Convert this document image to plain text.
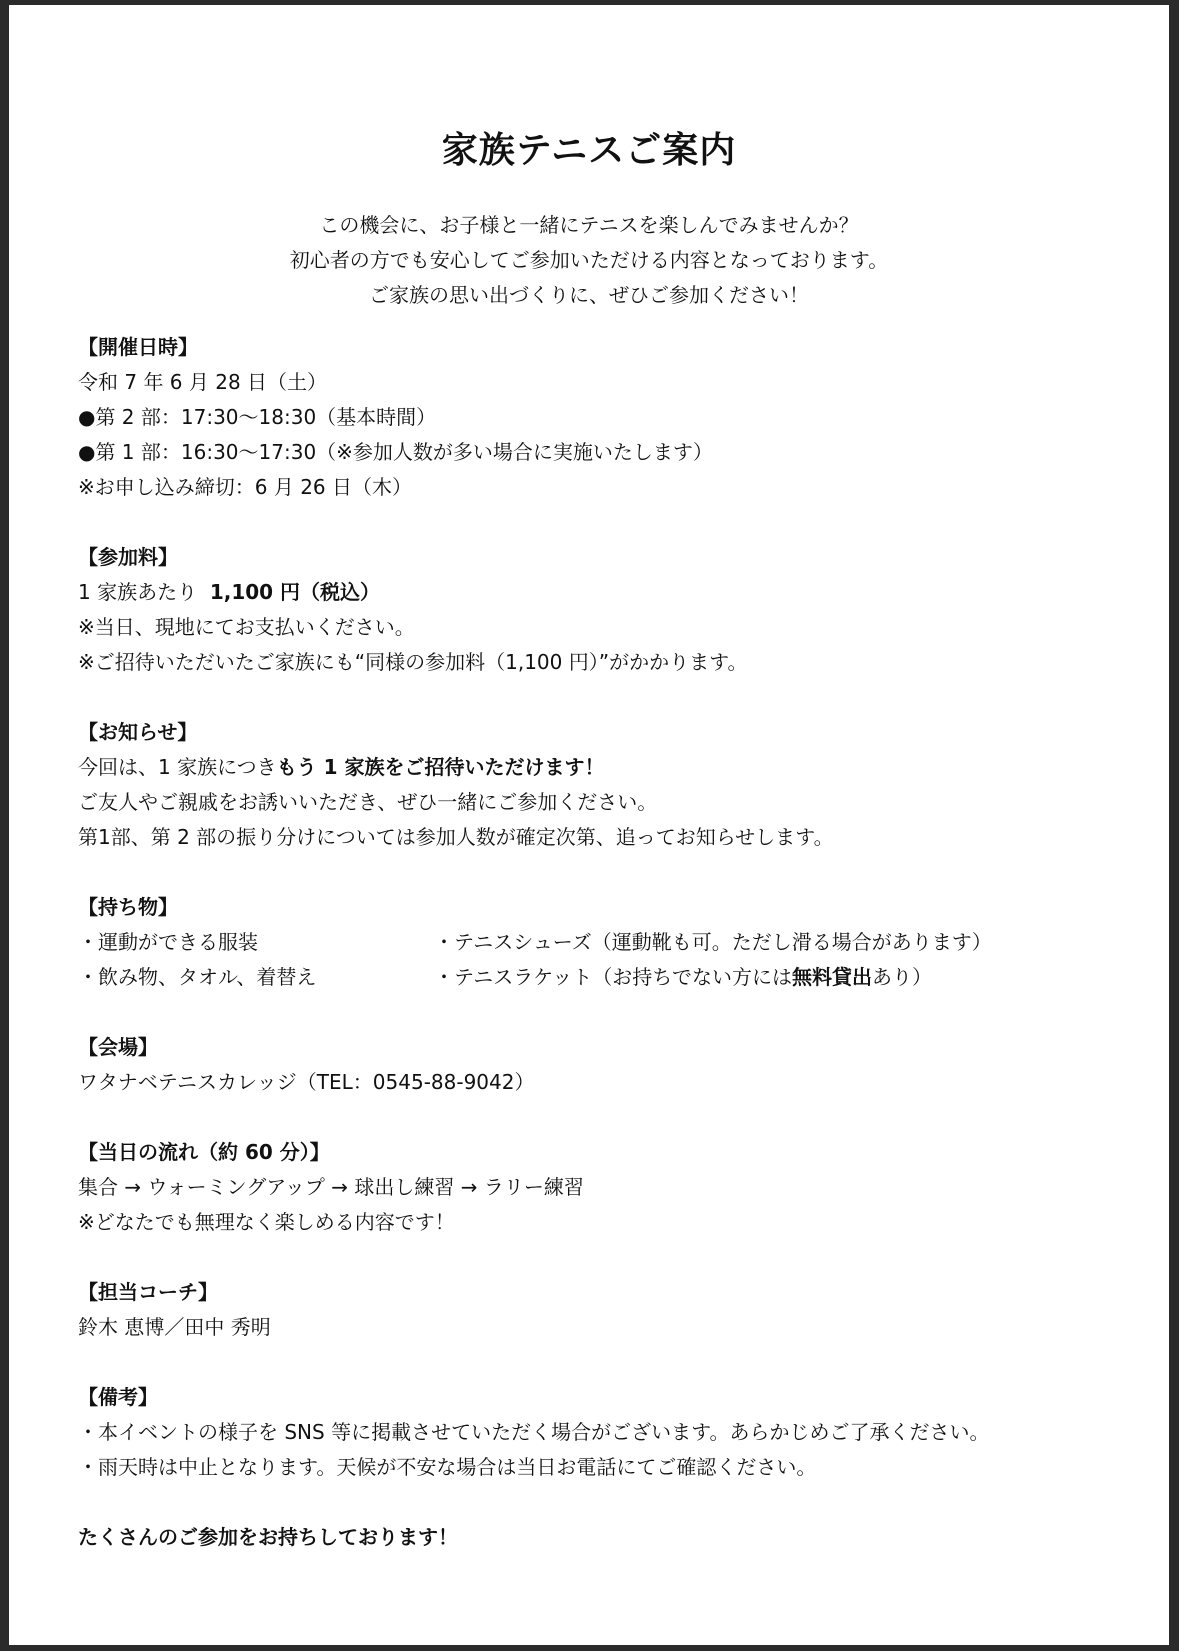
家族テニスご案内
この機会に、お子様と一緒にテニスを楽しんでみませんか？
初心者の方でも安心してご参加いただける内容となっております。
ご家族の思い出づくりに、ぜひご参加ください！
【開催日時】
令和 7 年 6 月 28 日（土）
●第 2 部：17:30～18:30（基本時間）
●第 1 部：16:30～17:30（※参加人数が多い場合に実施いたします）
※お申し込み締切：6 月 26 日（木）
【参加料】
1 家族あたり 1,100 円（税込）
※当日、現地にてお支払いください。
※ご招待いただいたご家族にも“同様の参加料（1,100 円）”がかかります。
【お知らせ】
今回は、1 家族につきもう 1 家族をご招待いただけます！
ご友人やご親戚をお誘いいただき、ぜひ一緒にご参加ください。
第1部、第 2 部の振り分けについては参加人数が確定次第、追ってお知らせします。
【持ち物】
・運動ができる服装	・テニスシューズ（運動靴も可。ただし滑る場合があります）
・飲み物、タオル、着替え	・テニスラケット（お持ちでない方には無料貸出あり）
【会場】
ワタナベテニスカレッジ（TEL：0545-88-9042）
【当日の流れ（約 60 分）】
集合 → ウォーミングアップ → 球出し練習 → ラリー練習
※どなたでも無理なく楽しめる内容です！
【担当コーチ】
鈴木 恵博／田中 秀明
【備考】
・本イベントの様子を SNS 等に掲載させていただく場合がございます。あらかじめご了承ください。
・雨天時は中止となります。天候が不安な場合は当日お電話にてご確認ください。
たくさんのご参加をお持ちしております！
